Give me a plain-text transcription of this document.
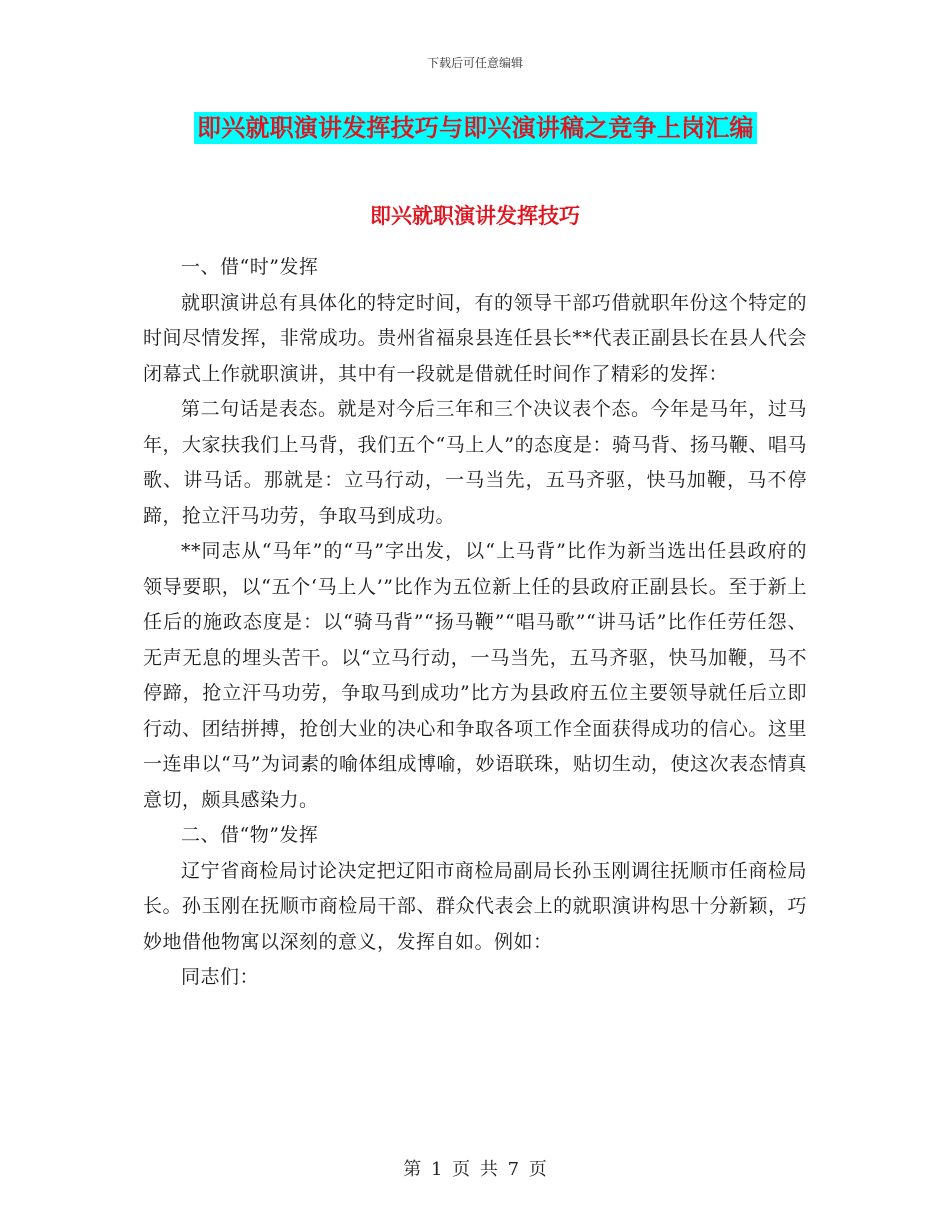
下载后可任意编辑
即兴就职演讲发挥技巧与即兴演讲稿之竞争上岗汇编
即兴就职演讲发挥技巧

一、借“时”发挥

就职演讲总有具体化的特定时间，有的领导干部巧借就职年份这个特定的时间尽情发挥，非常成功。贵州省福泉县连任县长**代表正副县长在县人代会闭幕式上作就职演讲，其中有一段就是借就任时间作了精彩的发挥：

第二句话是表态。就是对今后三年和三个决议表个态。今年是马年，过马年，大家扶我们上马背，我们五个“马上人”的态度是：骑马背、扬马鞭、唱马歌、讲马话。那就是：立马行动，一马当先，五马齐驱，快马加鞭，马不停蹄，抢立汗马功劳，争取马到成功。

**同志从“马年”的“马”字出发，以“上马背”比作为新当选出任县政府的领导要职，以“五个‘马上人’”比作为五位新上任的县政府正副县长。至于新上任后的施政态度是：以“骑马背”“扬马鞭”“唱马歌”“讲马话”比作任劳任怨、无声无息的埋头苦干。以“立马行动，一马当先，五马齐驱，快马加鞭，马不停蹄，抢立汗马功劳，争取马到成功”比方为县政府五位主要领导就任后立即行动、团结拼搏，抢创大业的决心和争取各项工作全面获得成功的信心。这里一连串以“马”为词素的喻体组成博喻，妙语联珠，贴切生动，使这次表态情真意切，颇具感染力。

二、借“物”发挥

辽宁省商检局讨论决定把辽阳市商检局副局长孙玉刚调往抚顺市任商检局长。孙玉刚在抚顺市商检局干部、群众代表会上的就职演讲构思十分新颖，巧妙地借他物寓以深刻的意义，发挥自如。例如：

同志们：

第 1 页 共 7 页
